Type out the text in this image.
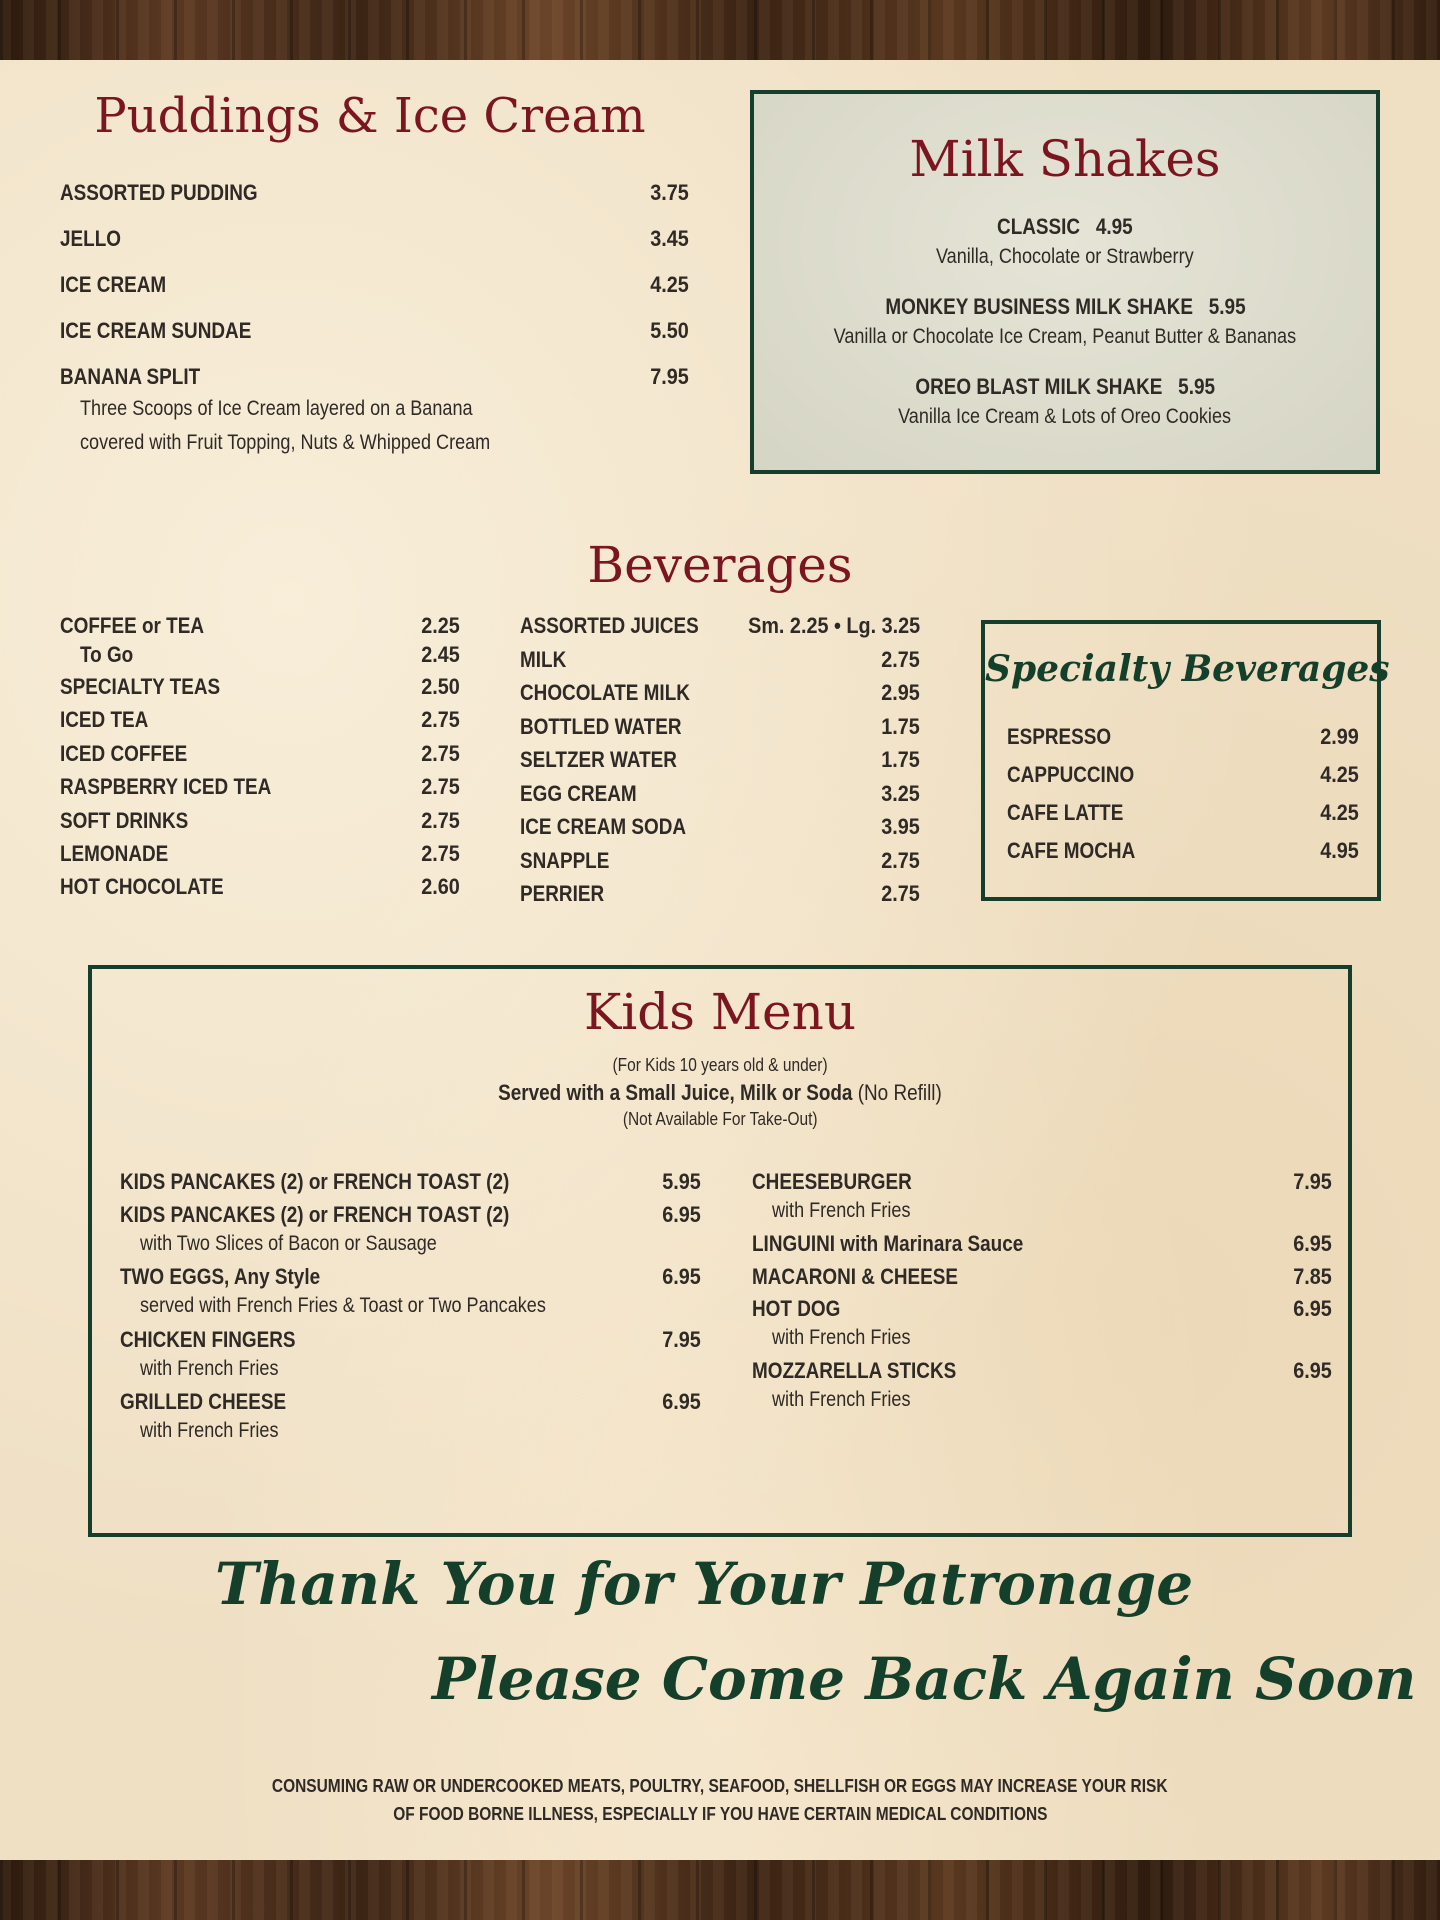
Puddings & Ice Cream
ASSORTED PUDDING	3.75
JELLO	3.45
ICE CREAM	4.25
ICE CREAM SUNDAE	5.50
BANANA SPLIT	7.95
Three Scoops of Ice Cream layered on a Banana
covered with Fruit Topping, Nuts & Whipped Cream
Milk Shakes
CLASSIC 4.95
Vanilla, Chocolate or Strawberry
MONKEY BUSINESS MILK SHAKE 5.95
Vanilla or Chocolate Ice Cream, Peanut Butter & Bananas
OREO BLAST MILK SHAKE 5.95
Vanilla Ice Cream & Lots of Oreo Cookies
Beverages
COFFEE or TEA	2.25
To Go	2.45
SPECIALTY TEAS	2.50
ICED TEA	2.75
ICED COFFEE	2.75
RASPBERRY ICED TEA	2.75
SOFT DRINKS	2.75
LEMONADE	2.75
HOT CHOCOLATE	2.60
ASSORTED JUICES Sm. 2.25 • Lg. 3.25
MILK	2.75
CHOCOLATE MILK	2.95
BOTTLED WATER	1.75
SELTZER WATER	1.75
EGG CREAM	3.25
ICE CREAM SODA	3.95
SNAPPLE	2.75
PERRIER	2.75
Specialty Beverages
ESPRESSO	2.99
CAPPUCCINO	4.25
CAFE LATTE	4.25
CAFE MOCHA	4.95
Kids Menu
(For Kids 10 years old & under)
Served with a Small Juice, Milk or Soda (No Refill)
(Not Available For Take-Out)
KIDS PANCAKES (2) or FRENCH TOAST (2)	5.95
KIDS PANCAKES (2) or FRENCH TOAST (2)	6.95
with Two Slices of Bacon or Sausage
TWO EGGS, Any Style	6.95
served with French Fries & Toast or Two Pancakes
CHICKEN FINGERS	7.95
with French Fries
GRILLED CHEESE	6.95
with French Fries
CHEESEBURGER	7.95
with French Fries
LINGUINI with Marinara Sauce	6.95
MACARONI & CHEESE	7.85
HOT DOG	6.95
with French Fries
MOZZARELLA STICKS	6.95
with French Fries
Thank You for Your Patronage
Please Come Back Again Soon
CONSUMING RAW OR UNDERCOOKED MEATS, POULTRY, SEAFOOD, SHELLFISH OR EGGS MAY INCREASE YOUR RISK
OF FOOD BORNE ILLNESS, ESPECIALLY IF YOU HAVE CERTAIN MEDICAL CONDITIONS
